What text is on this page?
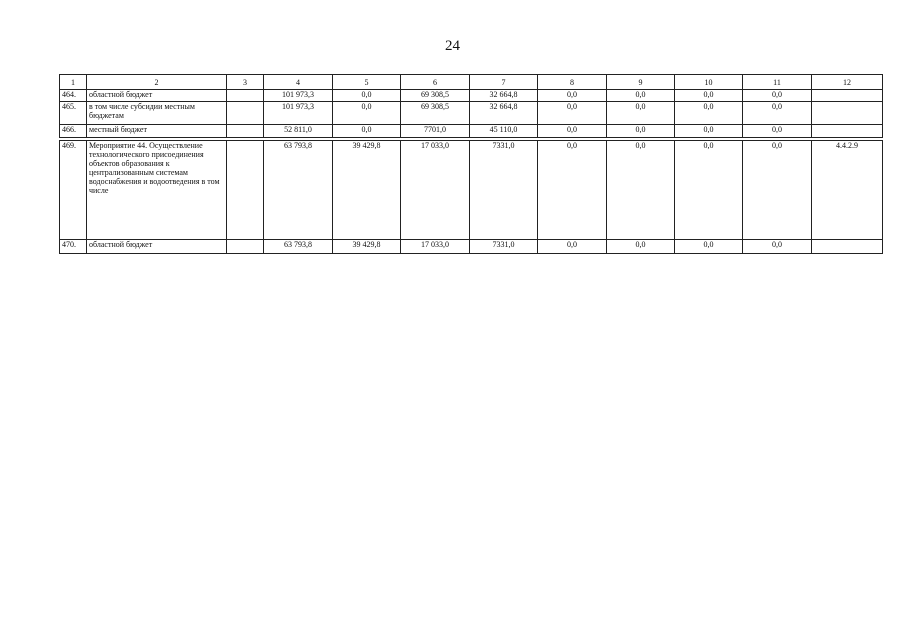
24
1	2	3	4	5	6	7	8	9	10	11	12
464.	областной бюджет		101 973,3	0,0	69 308,5	32 664,8	0,0	0,0	0,0	0,0	
465.	в том числе субсидии местным бюджетам		101 973,3	0,0	69 308,5	32 664,8	0,0	0,0	0,0	0,0	
466.	местный бюджет		52 811,0	0,0	7701,0	45 110,0	0,0	0,0	0,0	0,0	

469.	Мероприятие 44. Осуществление технологического присоединения объектов образования к централизованным системам водоснабжения и водоотведения в том числе		63 793,8	39 429,8	17 033,0	7331,0	0,0	0,0	0,0	0,0	4.4.2.9
470.	областной бюджет		63 793,8	39 429,8	17 033,0	7331,0	0,0	0,0	0,0	0,0	
